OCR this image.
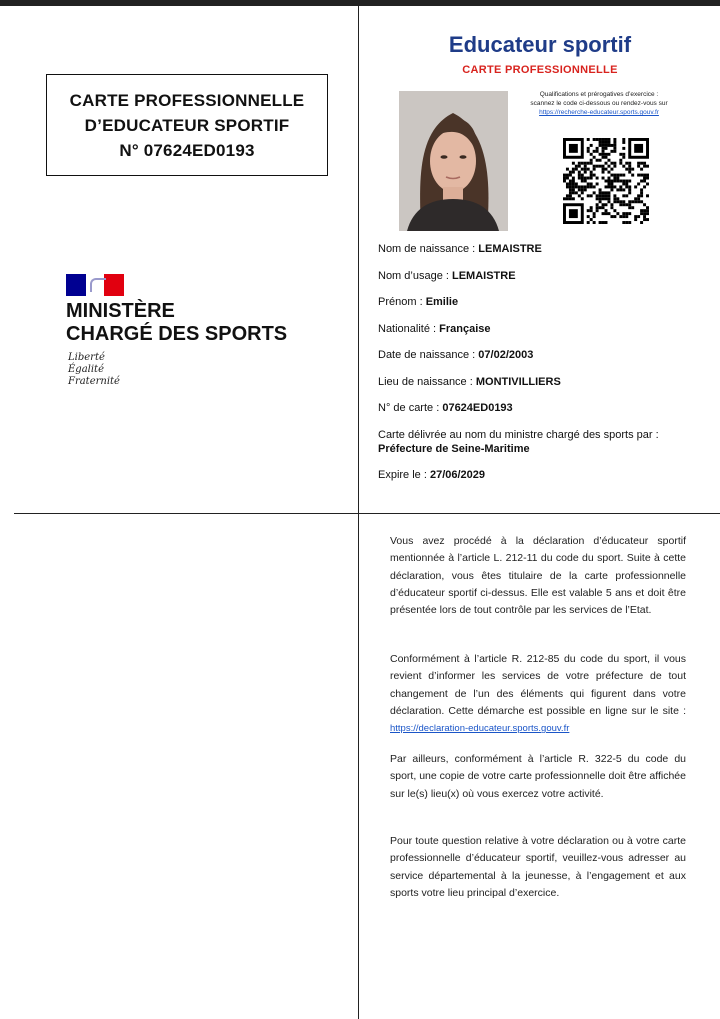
CARTE PROFESSIONNELLE
D’EDUCATEUR SPORTIF
N° 07624ED0193
MINISTÈRE
CHARGÉ DES SPORTS
Liberté
Égalité
Fraternité
Educateur sportif
CARTE PROFESSIONNELLE
Qualifications et prérogatives d’exercice :
scannez le code ci-dessous ou rendez-vous sur
https://recherche-educateur.sports.gouv.fr
Nom de naissance : LEMAISTRE
Nom d’usage : LEMAISTRE
Prénom : Emilie
Nationalité : Française
Date de naissance : 07/02/2003
Lieu de naissance : MONTIVILLIERS
N° de carte : 07624ED0193
Carte délivrée au nom du ministre chargé des sports par :
Préfecture de Seine-Maritime
Expire le : 27/06/2029
Vous avez procédé à la déclaration d’éducateur sportif mentionnée à l’article L. 212-11 du code du sport. Suite à cette déclaration, vous êtes titulaire de la carte professionnelle d’éducateur sportif ci-dessus. Elle est valable 5 ans et doit être présentée lors de tout contrôle par les services de l’Etat.
Conformément à l’article R. 212-85 du code du sport, il vous revient d’informer les services de votre préfecture de tout changement de l’un des éléments qui figurent dans votre déclaration. Cette démarche est possible en ligne sur le site : https://declaration-educateur.sports.gouv.fr
Par ailleurs, conformément à l’article R. 322-5 du code du sport, une copie de votre carte professionnelle doit être affichée sur le(s) lieu(x) où vous exercez votre activité.
Pour toute question relative à votre déclaration ou à votre carte professionnelle d’éducateur sportif, veuillez-vous adresser au service départemental à la jeunesse, à l’engagement et aux sports votre lieu principal d’exercice.
